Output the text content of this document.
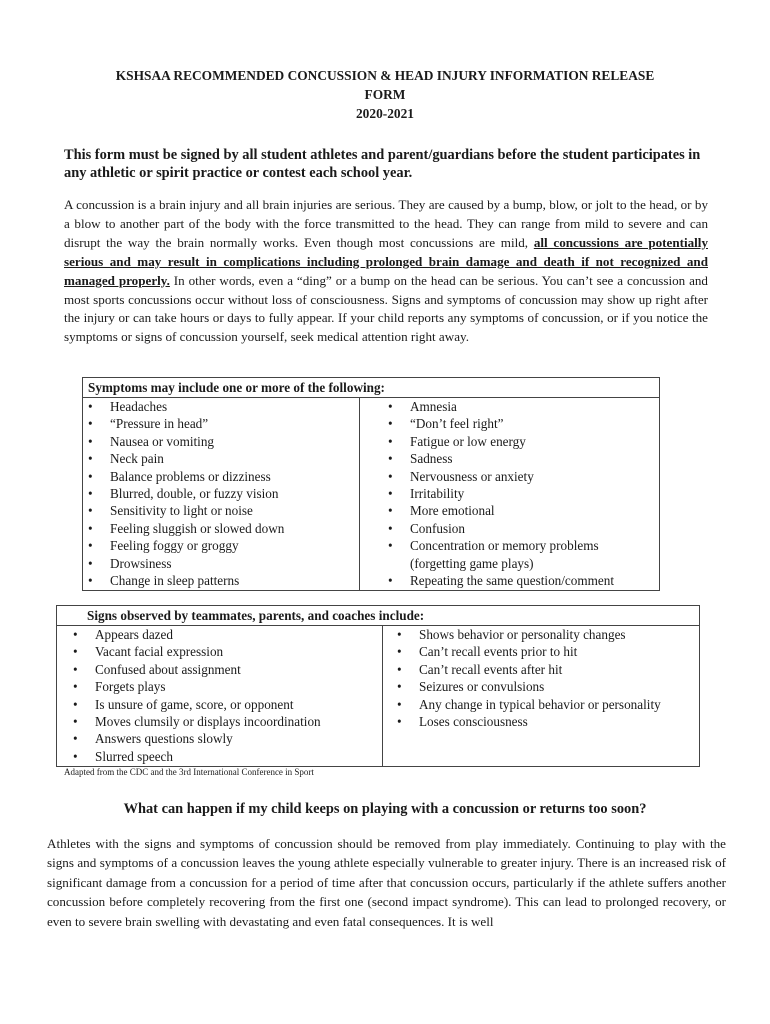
KSHSAA RECOMMENDED CONCUSSION & HEAD INJURY INFORMATION RELEASE
FORM
2020-2021
This form must be signed by all student athletes and parent/guardians before the student participates in any athletic or spirit practice or contest each school year.
A concussion is a brain injury and all brain injuries are serious. They are caused by a bump, blow, or jolt to the head, or by a blow to another part of the body with the force transmitted to the head. They can range from mild to severe and can disrupt the way the brain normally works. Even though most concussions are mild, all concussions are potentially serious and may result in complications including prolonged brain damage and death if not recognized and managed properly. In other words, even a “ding” or a bump on the head can be serious. You can’t see a concussion and most sports concussions occur without loss of consciousness. Signs and symptoms of concussion may show up right after the injury or can take hours or days to fully appear. If your child reports any symptoms of concussion, or if you notice the symptoms or signs of concussion yourself, seek medical attention right away.
Symptoms may include one or more of the following:
• Headaches
• “Pressure in head”
• Nausea or vomiting
• Neck pain
• Balance problems or dizziness
• Blurred, double, or fuzzy vision
• Sensitivity to light or noise
• Feeling sluggish or slowed down
• Feeling foggy or groggy
• Drowsiness
• Change in sleep patterns
• Amnesia
• “Don’t feel right”
• Fatigue or low energy
• Sadness
• Nervousness or anxiety
• Irritability
• More emotional
• Confusion
• Concentration or memory problems
(forgetting game plays)
• Repeating the same question/comment
Signs observed by teammates, parents, and coaches include:
• Appears dazed
• Vacant facial expression
• Confused about assignment
• Forgets plays
• Is unsure of game, score, or opponent
• Moves clumsily or displays incoordination
• Answers questions slowly
• Slurred speech
• Shows behavior or personality changes
• Can’t recall events prior to hit
• Can’t recall events after hit
• Seizures or convulsions
• Any change in typical behavior or personality
• Loses consciousness
Adapted from the CDC and the 3rd International Conference in Sport
What can happen if my child keeps on playing with a concussion or returns too soon?
Athletes with the signs and symptoms of concussion should be removed from play immediately. Continuing to play with the signs and symptoms of a concussion leaves the young athlete especially vulnerable to greater injury. There is an increased risk of significant damage from a concussion for a period of time after that concussion occurs, particularly if the athlete suffers another concussion before completely recovering from the first one (second impact syndrome). This can lead to prolonged recovery, or even to severe brain swelling with devastating and even fatal consequences. It is well
